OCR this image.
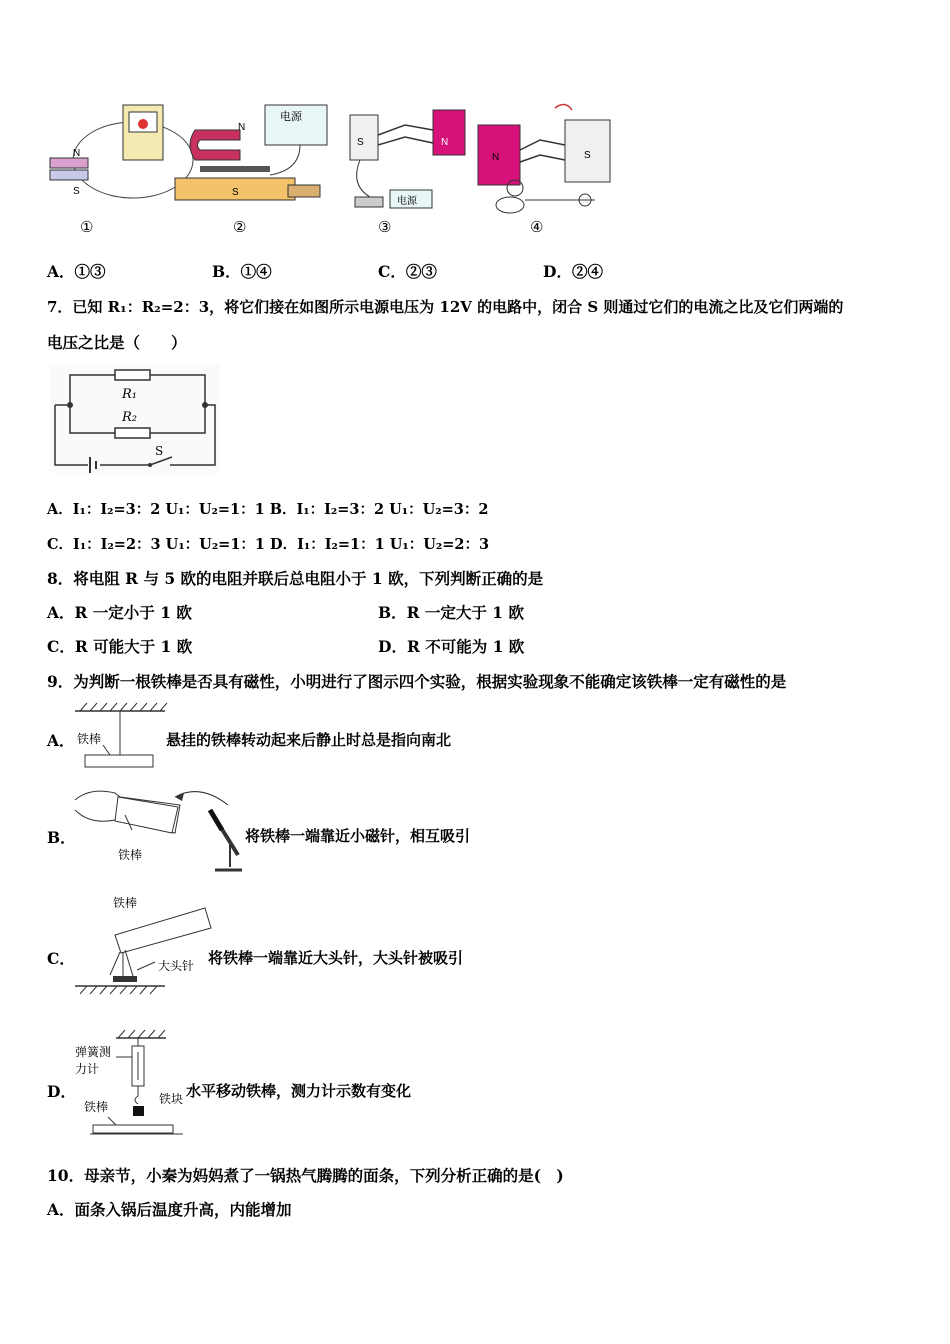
N
S
①
电源
N
S
②
电源
S	N
③
N	S
④
A．①③	B．①④	C．②③	D．②④
7．已知 R₁：R₂=2：3，将它们接在如图所示电源电压为 12V 的电路中，闭合 S 则通过它们的电流之比及它们两端的
电压之比是（　　）
R₁
R₂
S
A．I₁：I₂=3：2 U₁：U₂=1：1 B．I₁：I₂=3：2 U₁：U₂=3：2
C．I₁：I₂=2：3 U₁：U₂=1：1 D．I₁：I₂=1：1 U₁：U₂=2：3
8．将电阻 R 与 5 欧的电阻并联后总电阻小于 1 欧，下列判断正确的是
A．R 一定小于 1 欧	B．R 一定大于 1 欧
C．R 可能大于 1 欧	D．R 不可能为 1 欧
9．为判断一根铁棒是否具有磁性，小明进行了图示四个实验，根据实验现象不能确定该铁棒一定有磁性的是
铁棒
A．	悬挂的铁棒转动起来后静止时总是指向南北
铁棒
B．	将铁棒一端靠近小磁针，相互吸引
铁棒
大头针
C．	将铁棒一端靠近大头针，大头针被吸引
弹簧测
力计
铁块
铁棒
D．	水平移动铁棒，测力计示数有变化
10．母亲节，小秦为妈妈煮了一锅热气腾腾的面条，下列分析正确的是(　)
A．面条入锅后温度升高，内能增加
